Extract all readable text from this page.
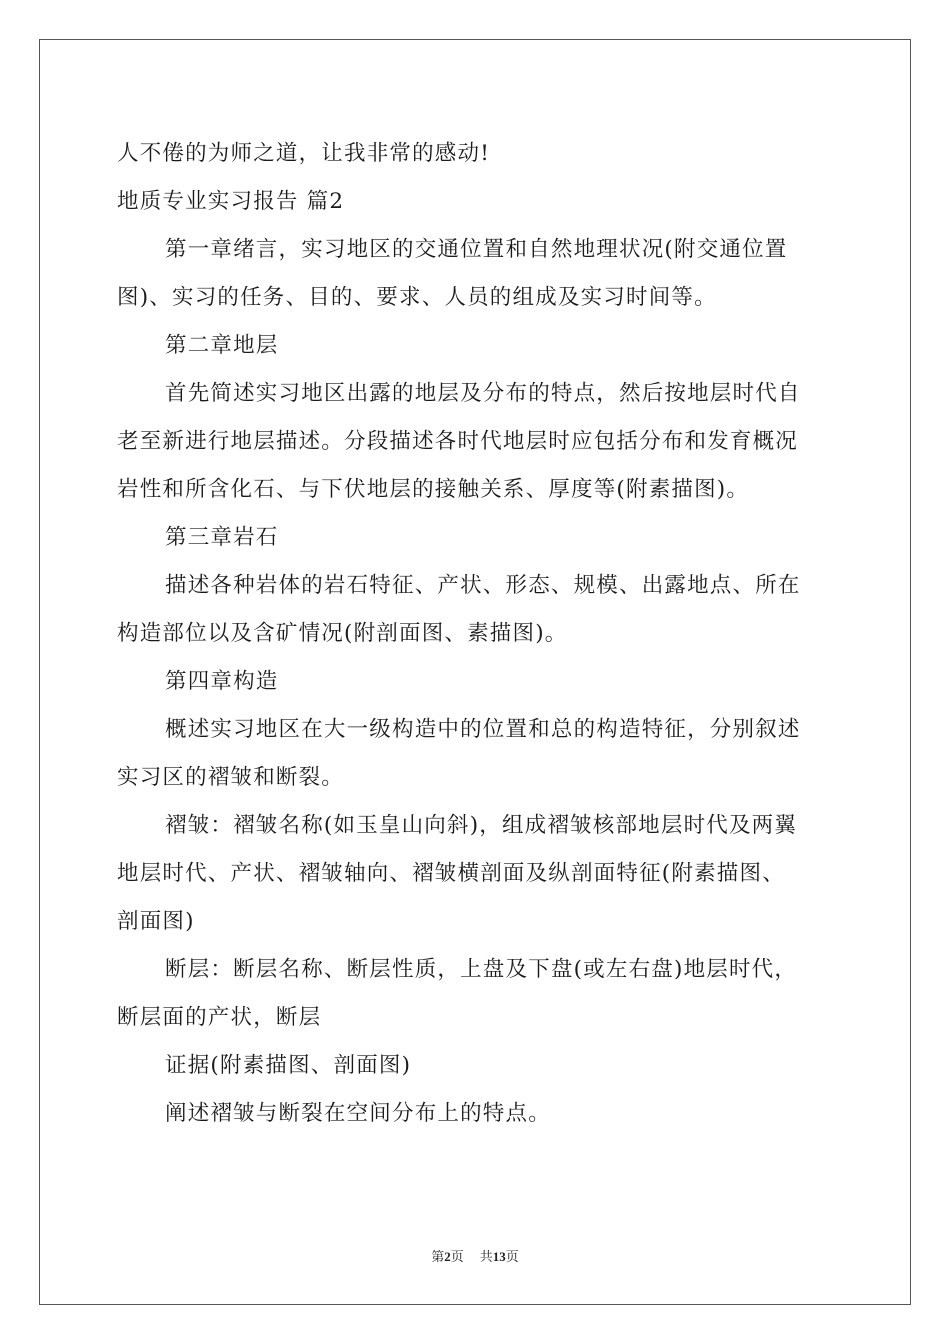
人不倦的为师之道，让我非常的感动!
地质专业实习报告 篇2
第一章绪言，实习地区的交通位置和自然地理状况(附交通位置
图)、实习的任务、目的、要求、人员的组成及实习时间等。
第二章地层
首先简述实习地区出露的地层及分布的特点，然后按地层时代自
老至新进行地层描述。分段描述各时代地层时应包括分布和发育概况
岩性和所含化石、与下伏地层的接触关系、厚度等(附素描图)。
第三章岩石
描述各种岩体的岩石特征、产状、形态、规模、出露地点、所在
构造部位以及含矿情况(附剖面图、素描图)。
第四章构造
概述实习地区在大一级构造中的位置和总的构造特征，分别叙述
实习区的褶皱和断裂。
褶皱：褶皱名称(如玉皇山向斜)，组成褶皱核部地层时代及两翼
地层时代、产状、褶皱轴向、褶皱横剖面及纵剖面特征(附素描图、
剖面图)
断层：断层名称、断层性质，上盘及下盘(或左右盘)地层时代，
断层面的产状，断层
证据(附素描图、剖面图)
阐述褶皱与断裂在空间分布上的特点。
第2页 共13页
